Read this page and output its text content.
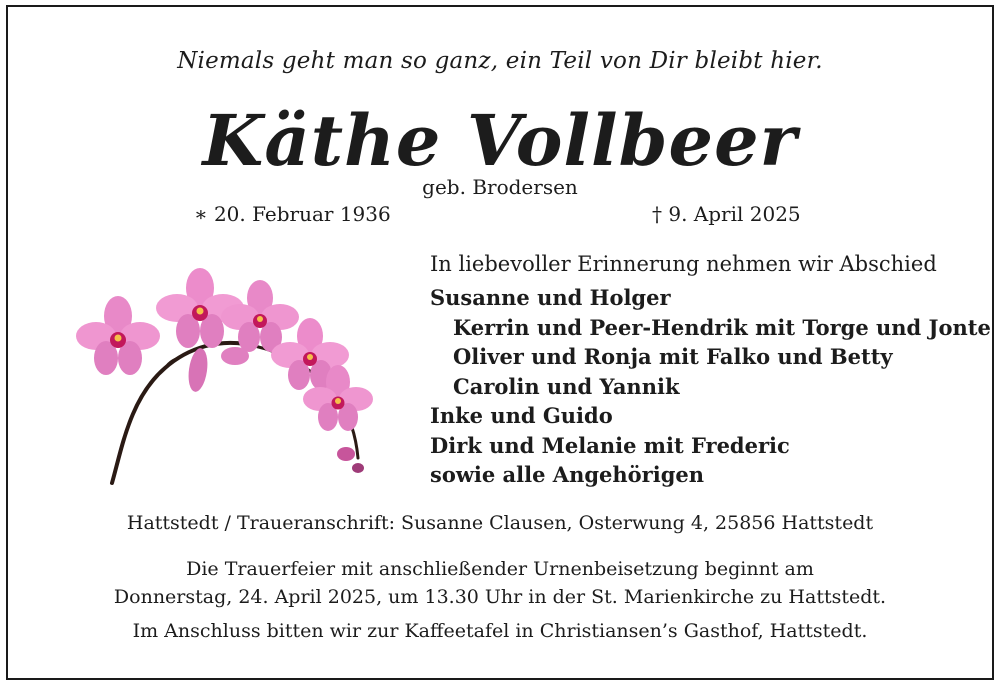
Niemals geht man so ganz, ein Teil von Dir bleibt hier.
Käthe Vollbeer
geb. Brodersen
∗ 20. Februar 1936	† 9. April 2025
In liebevoller Erinnerung nehmen wir Abschied
Susanne und Holger
Kerrin und Peer-Hendrik mit Torge und Jonte
Oliver und Ronja mit Falko und Betty
Carolin und Yannik
Inke und Guido
Dirk und Melanie mit Frederic
sowie alle Angehörigen
Hattstedt / Traueranschrift: Susanne Clausen, Osterwung 4, 25856 Hattstedt
Die Trauerfeier mit anschließender Urnenbeisetzung beginnt am
Donnerstag, 24. April 2025, um 13.30 Uhr in der St. Marienkirche zu Hattstedt.
Im Anschluss bitten wir zur Kaffeetafel in Christiansen’s Gasthof, Hattstedt.
